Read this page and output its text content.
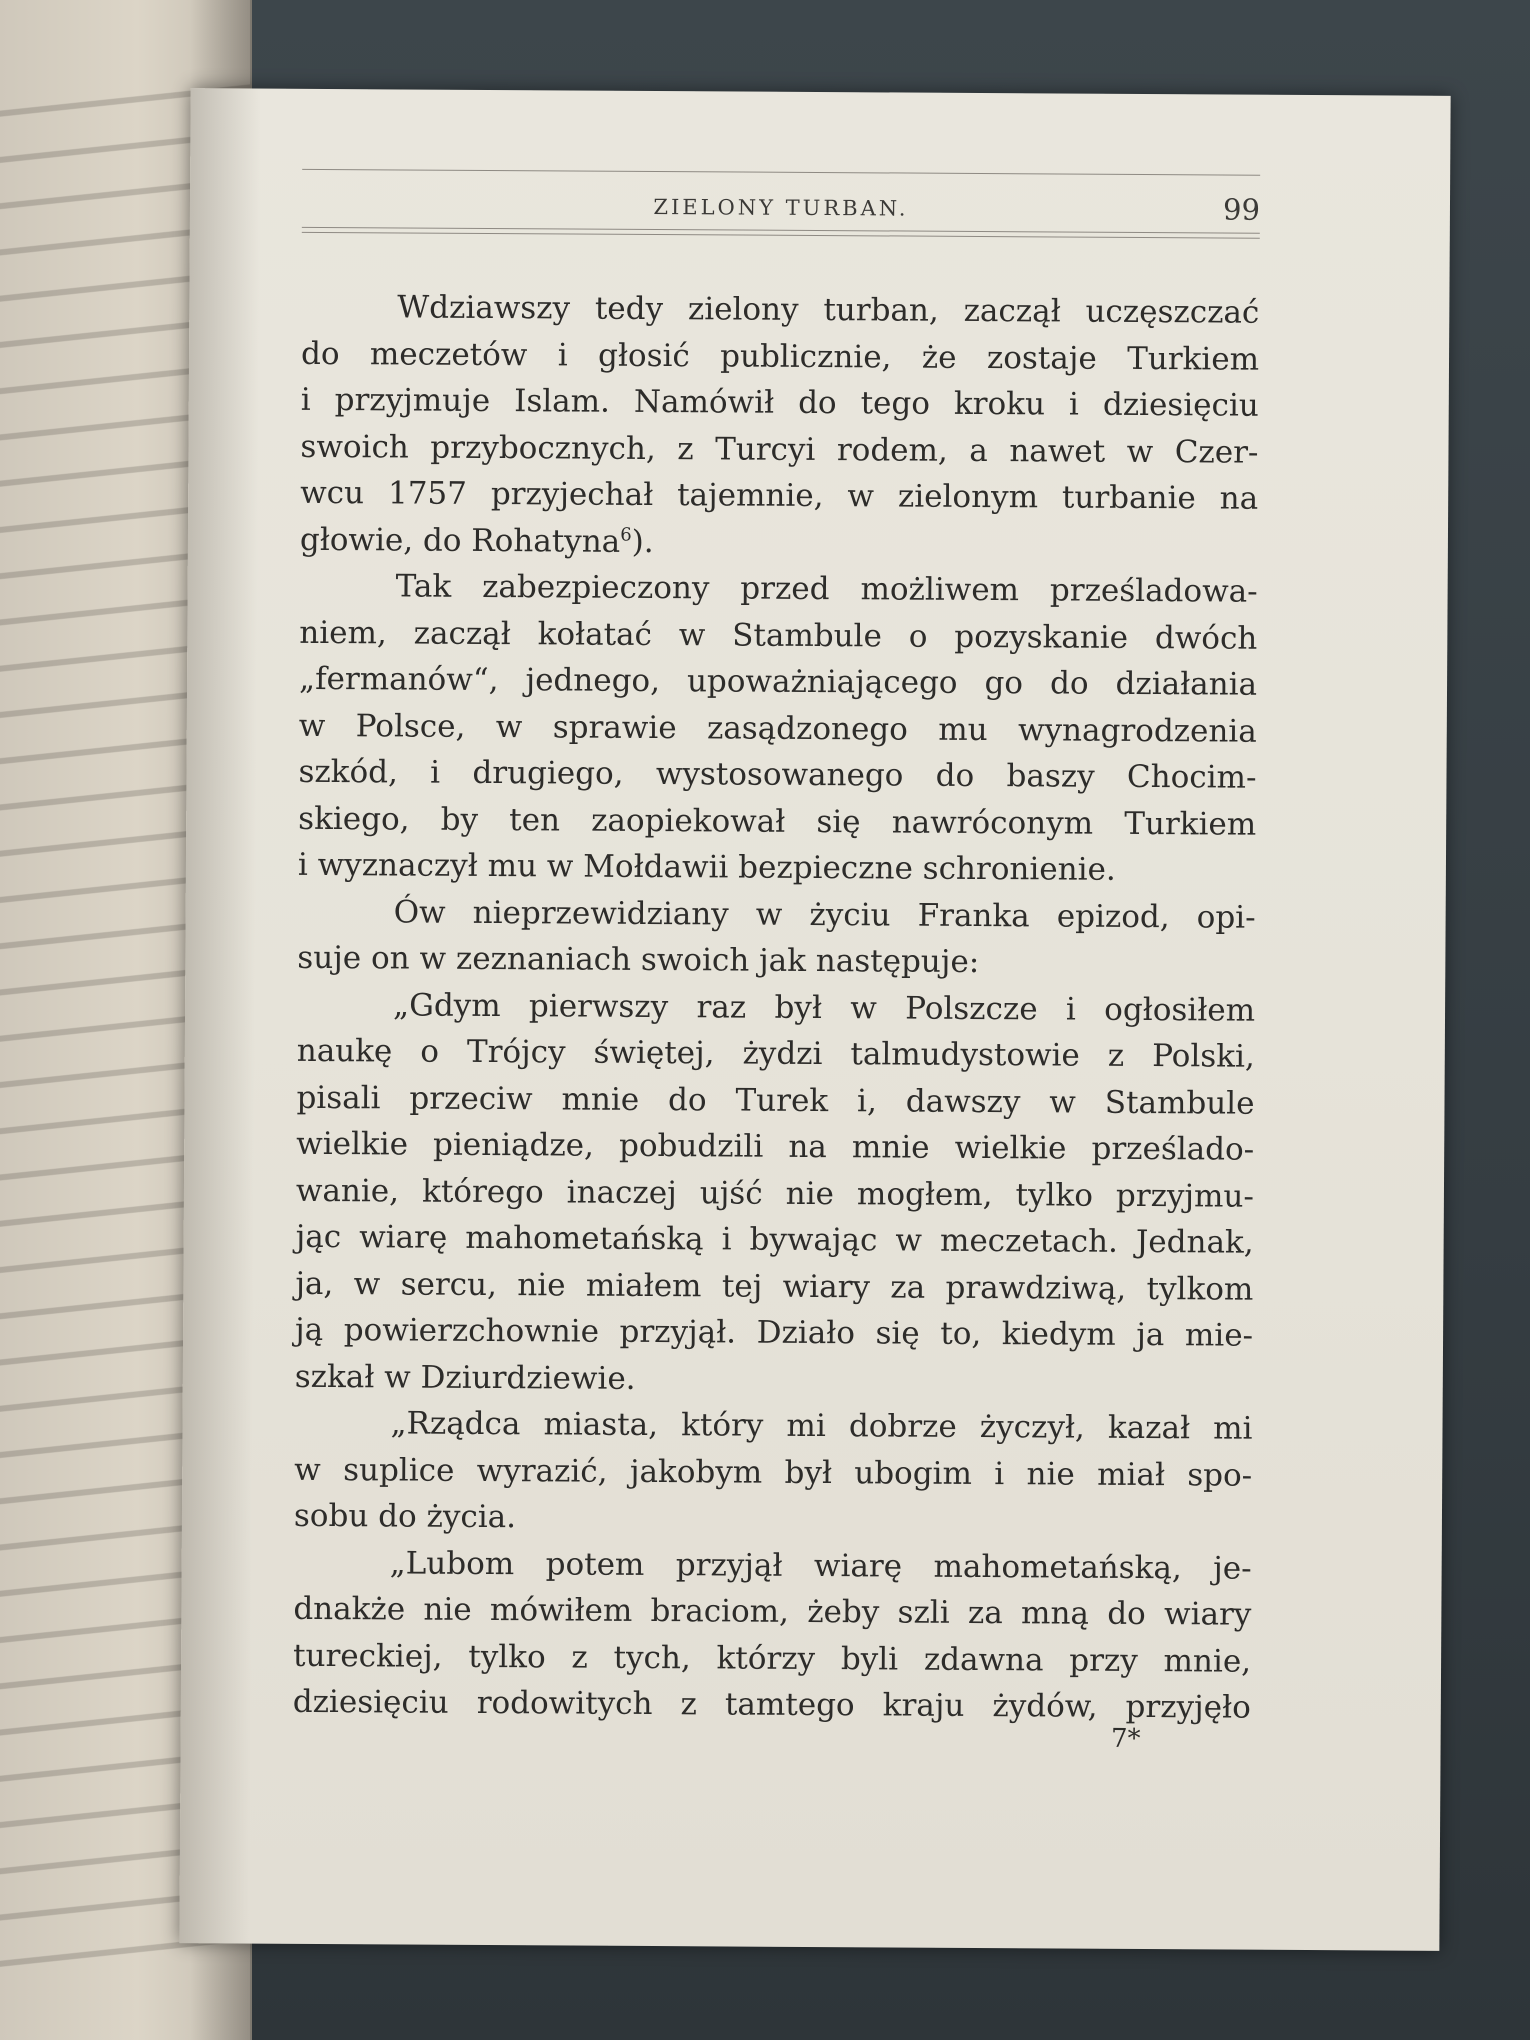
ZIELONY TURBAN.	99
Wdziawszy tedy zielony turban, zaczął uczęszczać
do meczetów i głosić publicznie, że zostaje Turkiem
i przyjmuje Islam. Namówił do tego kroku i dziesięciu
swoich przybocznych, z Turcyi rodem, a nawet w Czer-
wcu 1757 przyjechał tajemnie, w zielonym turbanie na
głowie, do Rohatyna$^6$).
Tak zabezpieczony przed możliwem prześladowa-
niem, zaczął kołatać w Stambule o pozyskanie dwóch
„fermanów“, jednego, upoważniającego go do działania
w Polsce, w sprawie zasądzonego mu wynagrodzenia
szkód, i drugiego, wystosowanego do baszy Chocim-
skiego, by ten zaopiekował się nawróconym Turkiem
i wyznaczył mu w Mołdawii bezpieczne schronienie.
Ów nieprzewidziany w życiu Franka epizod, opi-
suje on w zeznaniach swoich jak następuje:
„Gdym pierwszy raz był w Polszcze i ogłosiłem
naukę o Trójcy świętej, żydzi talmudystowie z Polski,
pisali przeciw mnie do Turek i, dawszy w Stambule
wielkie pieniądze, pobudzili na mnie wielkie prześlado-
wanie, którego inaczej ujść nie mogłem, tylko przyjmu-
jąc wiarę mahometańską i bywając w meczetach. Jednak,
ja, w sercu, nie miałem tej wiary za prawdziwą, tylkom
ją powierzchownie przyjął. Działo się to, kiedym ja mie-
szkał w Dziurdziewie.
„Rządca miasta, który mi dobrze życzył, kazał mi
w suplice wyrazić, jakobym był ubogim i nie miał spo-
sobu do życia.
„Lubom potem przyjął wiarę mahometańską, je-
dnakże nie mówiłem braciom, żeby szli za mną do wiary
tureckiej, tylko z tych, którzy byli zdawna przy mnie,
dziesięciu rodowitych z tamtego kraju żydów, przyjęło
7*
